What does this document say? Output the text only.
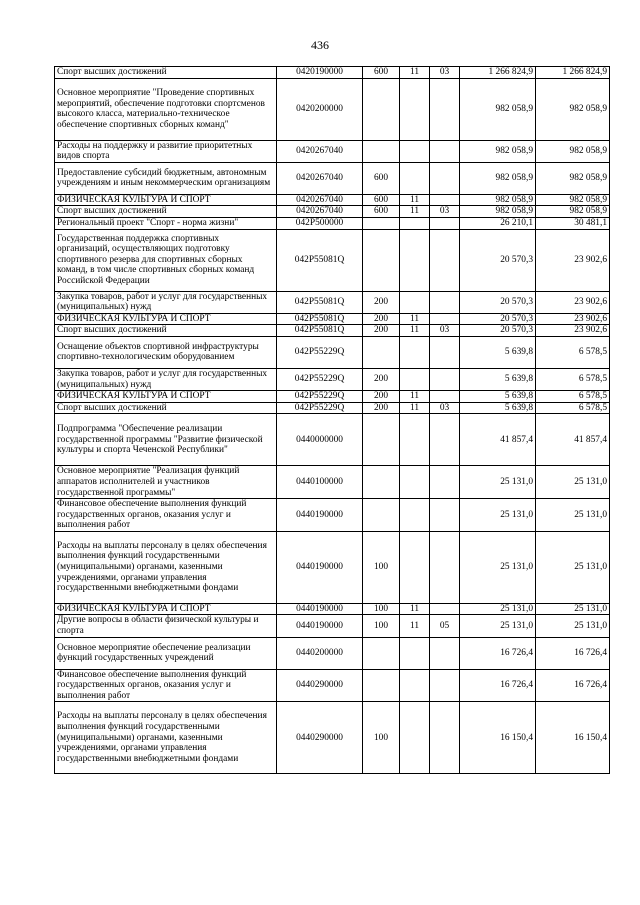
436
Спорт высших достижений	0420190000	600	11	03	1 266 824,9	1 266 824,9
Основное мероприятие "Проведение спортивных мероприятий, обеспечение подготовки спортсменов высокого класса, материально-техническое обеспечение спортивных сборных команд"	0420200000				982 058,9	982 058,9
Расходы на поддержку и развитие приоритетных видов спорта	0420267040				982 058,9	982 058,9
Предоставление субсидий бюджетным, автономным учреждениям и иным некоммерческим организациям	0420267040	600			982 058,9	982 058,9
ФИЗИЧЕСКАЯ КУЛЬТУРА И СПОРТ	0420267040	600	11		982 058,9	982 058,9
Спорт высших достижений	0420267040	600	11	03	982 058,9	982 058,9
Региональный проект "Спорт - норма жизни"	042P500000				26 210,1	30 481,1
Государственная поддержка спортивных организаций, осуществляющих подготовку спортивного резерва для спортивных сборных команд, в том числе спортивных сборных команд Российской Федерации	042P55081Q				20 570,3	23 902,6
Закупка товаров, работ и услуг для государственных (муниципальных) нужд	042P55081Q	200			20 570,3	23 902,6
ФИЗИЧЕСКАЯ КУЛЬТУРА И СПОРТ	042P55081Q	200	11		20 570,3	23 902,6
Спорт высших достижений	042P55081Q	200	11	03	20 570,3	23 902,6
Оснащение объектов спортивной инфраструктуры спортивно-технологическим оборудованием	042P55229Q				5 639,8	6 578,5
Закупка товаров, работ и услуг для государственных (муниципальных) нужд	042P55229Q	200			5 639,8	6 578,5
ФИЗИЧЕСКАЯ КУЛЬТУРА И СПОРТ	042P55229Q	200	11		5 639,8	6 578,5
Спорт высших достижений	042P55229Q	200	11	03	5 639,8	6 578,5
Подпрограмма "Обеспечение реализации государственной программы "Развитие физической культуры и спорта Чеченской Республики"	0440000000				41 857,4	41 857,4
Основное мероприятие "Реализация функций аппаратов исполнителей и участников государственной программы"	0440100000				25 131,0	25 131,0
Финансовое обеспечение выполнения функций государственных органов, оказания услуг и выполнения работ	0440190000				25 131,0	25 131,0
Расходы на выплаты персоналу в целях обеспечения выполнения функций государственными (муниципальными) органами, казенными учреждениями, органами управления государственными внебюджетными фондами	0440190000	100			25 131,0	25 131,0
ФИЗИЧЕСКАЯ КУЛЬТУРА И СПОРТ	0440190000	100	11		25 131,0	25 131,0
Другие вопросы в области физической культуры и спорта	0440190000	100	11	05	25 131,0	25 131,0
Основное мероприятие обеспечение реализации функций государственных учреждений	0440200000				16 726,4	16 726,4
Финансовое обеспечение выполнения функций государственных органов, оказания услуг и выполнения работ	0440290000				16 726,4	16 726,4
Расходы на выплаты персоналу в целях обеспечения выполнения функций государственными (муниципальными) органами, казенными учреждениями, органами управления государственными внебюджетными фондами	0440290000	100			16 150,4	16 150,4
